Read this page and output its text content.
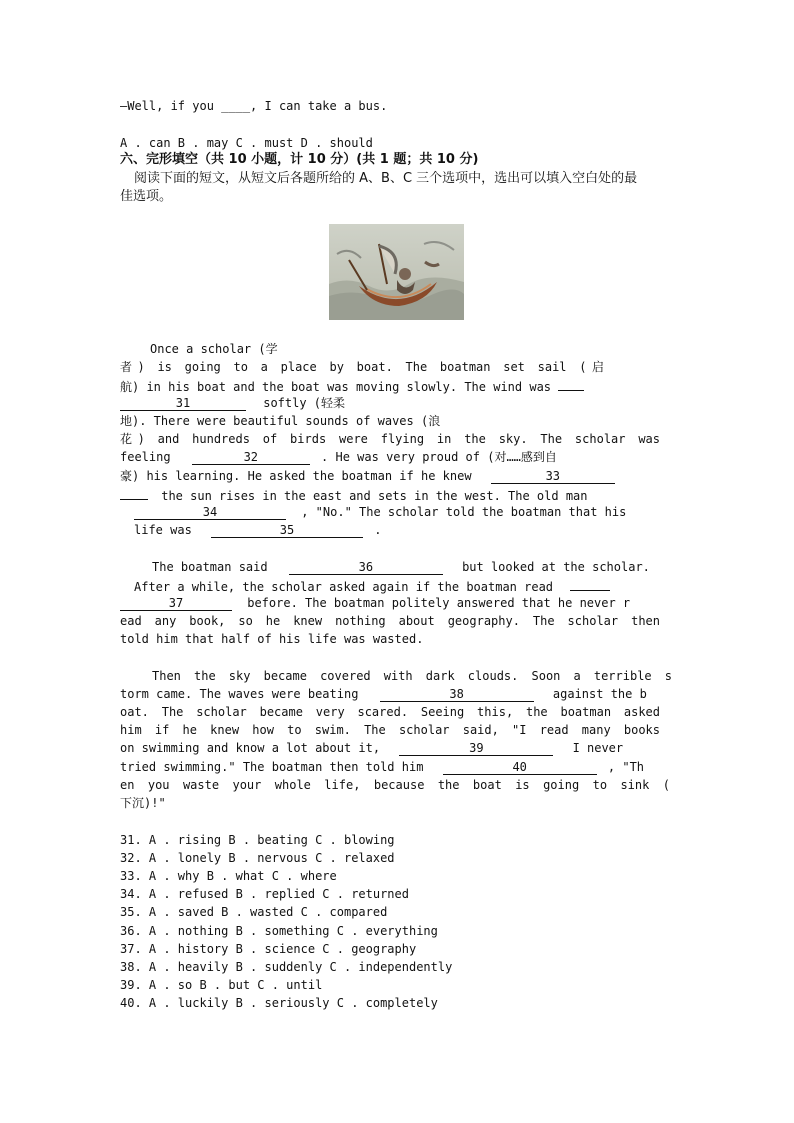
—Well, if you ____, I can take a bus.
A . can B . may C . must D . should
六、完形填空（共 10 小题，计 10 分）(共 1 题；共 10 分)
阅读下面的短文，从短文后各题所给的 A、B、C 三个选项中，选出可以填入空白处的最
佳选项。
Once a scholar (学
者) is going to a place by boat. The boatman set sail (启
航) in his boat and the boat was moving slowly. The wind was
31	softly (轻柔
地). There were beautiful sounds of waves (浪
花) and hundreds of birds were flying in the sky. The scholar was
feeling	32	. He was very proud of (对……感到自
豪) his learning. He asked the boatman if he knew	33
the sun rises in the east and sets in the west. The old man
34	, "No." The scholar told the boatman that his
life was	35	.
The boatman said	36	but looked at the scholar.
After a while, the scholar asked again if the boatman read
37	before. The boatman politely answered that he never r
ead any book, so he knew nothing about geography. The scholar then
told him that half of his life was wasted.
Then the sky became covered with dark clouds. Soon a terrible s
torm came. The waves were beating	38	against the b
oat. The scholar became very scared. Seeing this, the boatman asked
him if he knew how to swim. The scholar said, "I read many books
on swimming and know a lot about it,	39	I never
tried swimming." The boatman then told him	40	, "Th
en you waste your whole life, because the boat is going to sink (
下沉)!"
31. A . rising B . beating C . blowing
32. A . lonely B . nervous C . relaxed
33. A . why B . what C . where
34. A . refused B . replied C . returned
35. A . saved B . wasted C . compared
36. A . nothing B . something C . everything
37. A . history B . science C . geography
38. A . heavily B . suddenly C . independently
39. A . so B . but C . until
40. A . luckily B . seriously C . completely
